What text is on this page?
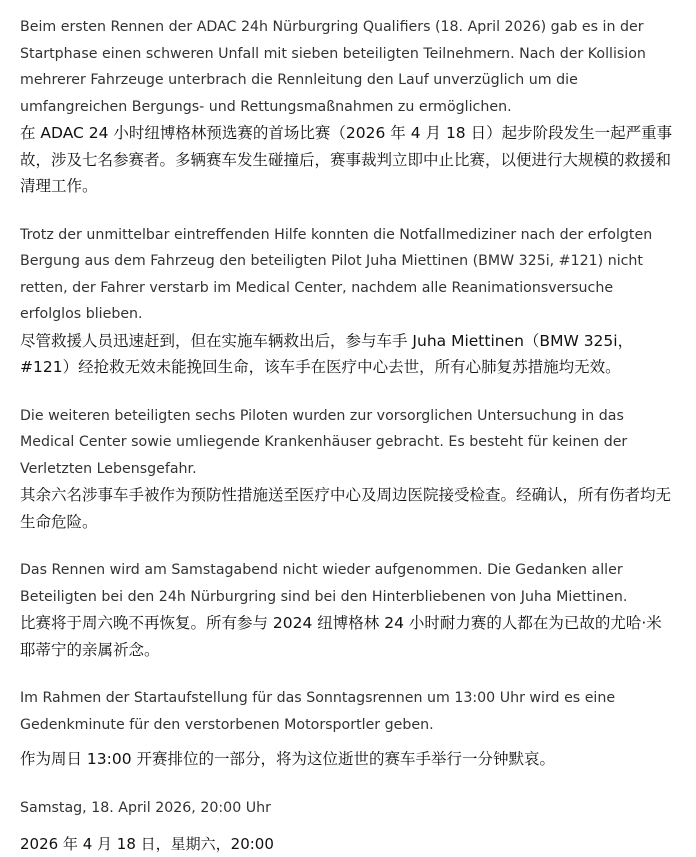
Beim ersten Rennen der ADAC 24h Nürburgring Qualifiers (18. April 2026) gab es in der Startphase einen schweren Unfall mit sieben beteiligten Teilnehmern. Nach der Kollision mehrerer Fahrzeuge unterbrach die Rennleitung den Lauf unverzüglich um die umfangreichen Bergungs- und Rettungsmaßnahmen zu ermöglichen.

在 ADAC 24 小时纽博格林预选赛的首场比赛（2026 年 4 月 18 日）起步阶段发生一起严重事故，涉及七名参赛者。多辆赛车发生碰撞后，赛事裁判立即中止比赛，以便进行大规模的救援和清理工作。

Trotz der unmittelbar eintreffenden Hilfe konnten die Notfallmediziner nach der erfolgten Bergung aus dem Fahrzeug den beteiligten Pilot Juha Miettinen (BMW 325i, #121) nicht retten, der Fahrer verstarb im Medical Center, nachdem alle Reanimationsversuche erfolglos blieben.

尽管救援人员迅速赶到，但在实施车辆救出后，参与车手 Juha Miettinen（BMW 325i，#121）经抢救无效未能挽回生命，该车手在医疗中心去世，所有心肺复苏措施均无效。

Die weiteren beteiligten sechs Piloten wurden zur vorsorglichen Untersuchung in das Medical Center sowie umliegende Krankenhäuser gebracht. Es besteht für keinen der Verletzten Lebensgefahr.

其余六名涉事车手被作为预防性措施送至医疗中心及周边医院接受检查。经确认，所有伤者均无生命危险。

Das Rennen wird am Samstagabend nicht wieder aufgenommen. Die Gedanken aller Beteiligten bei den 24h Nürburgring sind bei den Hinterbliebenen von Juha Miettinen.

比赛将于周六晚不再恢复。所有参与 2024 纽博格林 24 小时耐力赛的人都在为已故的尤哈·米耶蒂宁的亲属祈念。

Im Rahmen der Startaufstellung für das Sonntagsrennen um 13:00 Uhr wird es eine Gedenkminute für den verstorbenen Motorsportler geben.

作为周日 13:00 开赛排位的一部分，将为这位逝世的赛车手举行一分钟默哀。

Samstag, 18. April 2026, 20:00 Uhr

2026 年 4 月 18 日，星期六，20:00
